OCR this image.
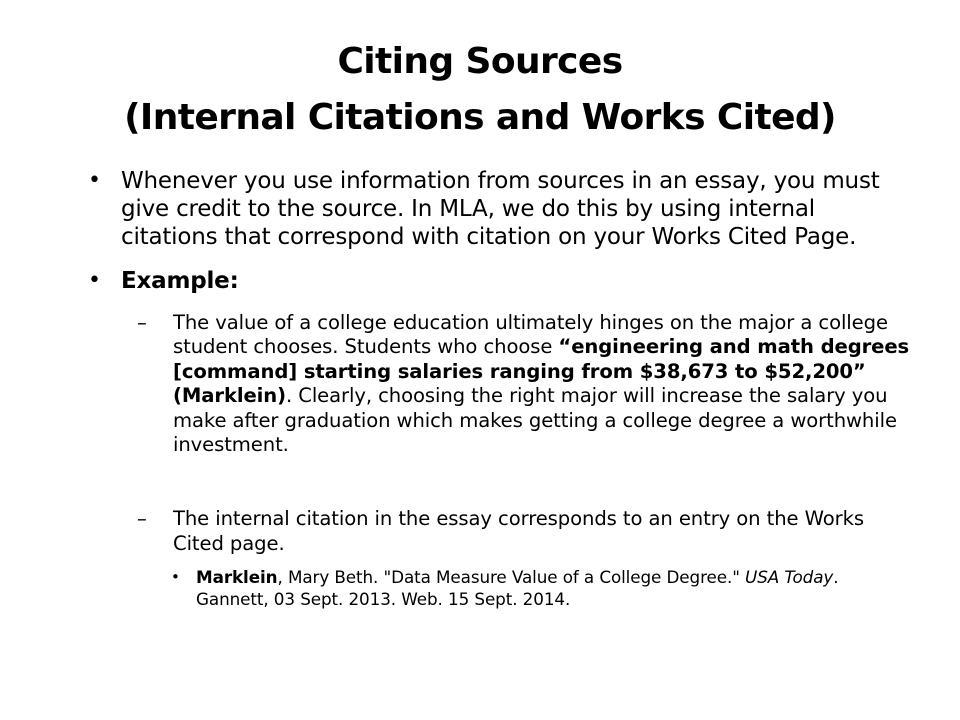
Citing Sources
(Internal Citations and Works Cited)
• Whenever you use information from sources in an essay, you must give credit to the source. In MLA, we do this by using internal citations that correspond with citation on your Works Cited Page.
• Example:
– The value of a college education ultimately hinges on the major a college student chooses. Students who choose “engineering and math degrees [command] starting salaries ranging from $38,673 to $52,200” (Marklein). Clearly, choosing the right major will increase the salary you make after graduation which makes getting a college degree a worthwhile investment.
– The internal citation in the essay corresponds to an entry on the Works Cited page.
• Marklein, Mary Beth. "Data Measure Value of a College Degree." USA Today. Gannett, 03 Sept. 2013. Web. 15 Sept. 2014.
